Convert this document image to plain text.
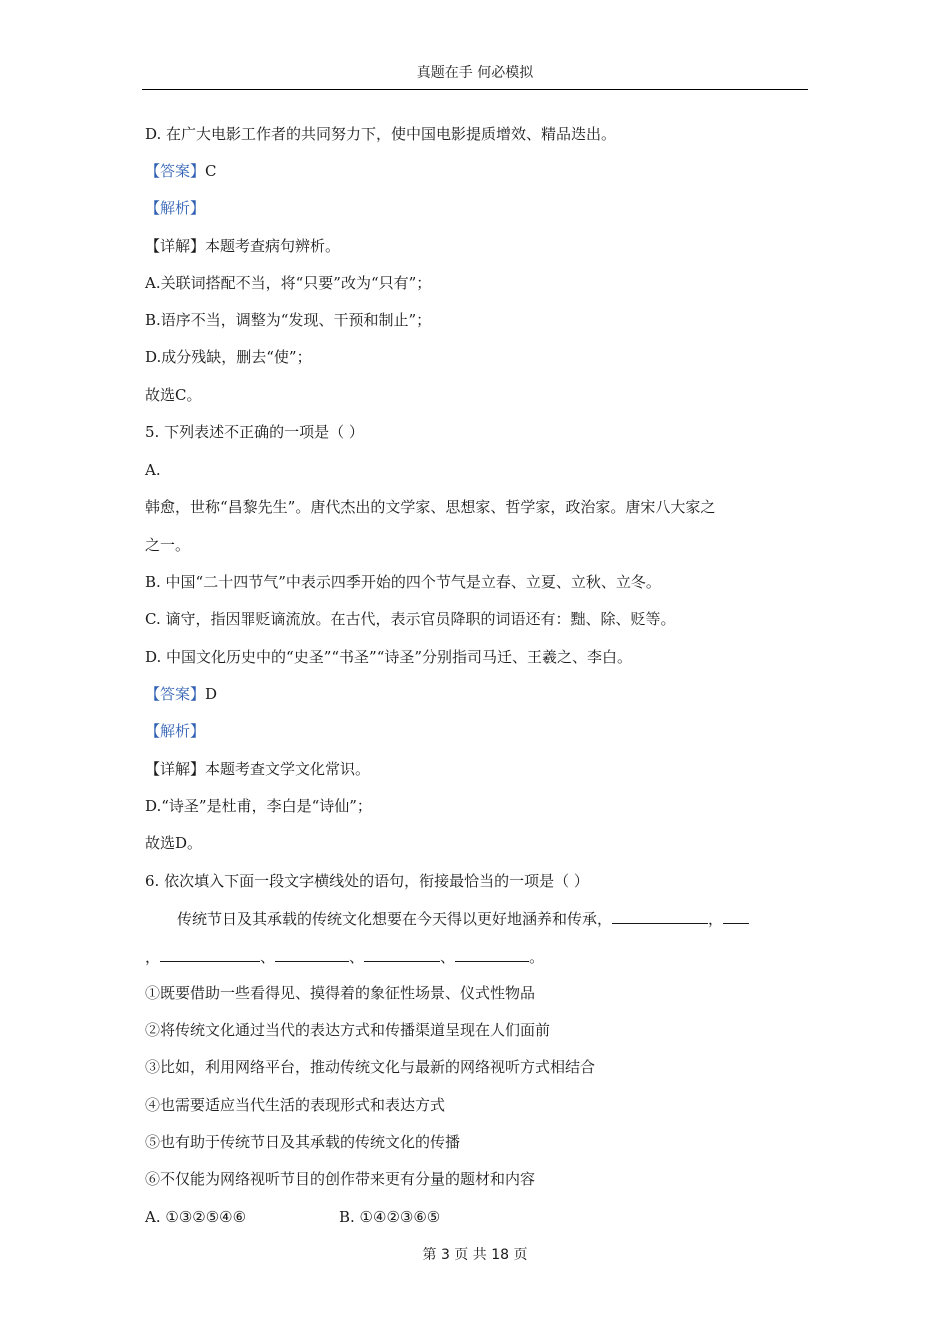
真题在手 何必模拟
D. 在广大电影工作者的共同努力下，使中国电影提质增效、精品迭出。
【答案】C
【解析】
【详解】本题考查病句辨析。
A.关联词搭配不当，将“只要”改为“只有”；
B.语序不当，调整为“发现、干预和制止”；
D.成分残缺，删去“使”；
故选C。
5. 下列表述不正确的一项是（ ）
A.
韩愈，世称“昌黎先生”。唐代杰出的文学家、思想家、哲学家，政治家。唐宋八大家之
之一。
B. 中国“二十四节气”中表示四季开始的四个节气是立春、立夏、立秋、立冬。
C. 谪守，指因罪贬谪流放。在古代，表示官员降职的词语还有：黜、除、贬等。
D. 中国文化历史中的“史圣”“书圣”“诗圣”分别指司马迁、王羲之、李白。
【答案】D
【解析】
【详解】本题考查文学文化常识。
D.“诗圣”是杜甫，李白是“诗仙”；
故选D。
6. 依次填入下面一段文字横线处的语句，衔接最恰当的一项是（ ）
传统节日及其承载的传统文化想要在今天得以更好地涵养和传承，	，
，	、	、	、	。
①既要借助一些看得见、摸得着的象征性场景、仪式性物品
②将传统文化通过当代的表达方式和传播渠道呈现在人们面前
③比如，利用网络平台，推动传统文化与最新的网络视听方式相结合
④也需要适应当代生活的表现形式和表达方式
⑤也有助于传统节日及其承载的传统文化的传播
⑥不仅能为网络视听节目的创作带来更有分量的题材和内容
A. ①③②⑤④⑥	B. ①④②③⑥⑤
第 3 页 共 18 页
